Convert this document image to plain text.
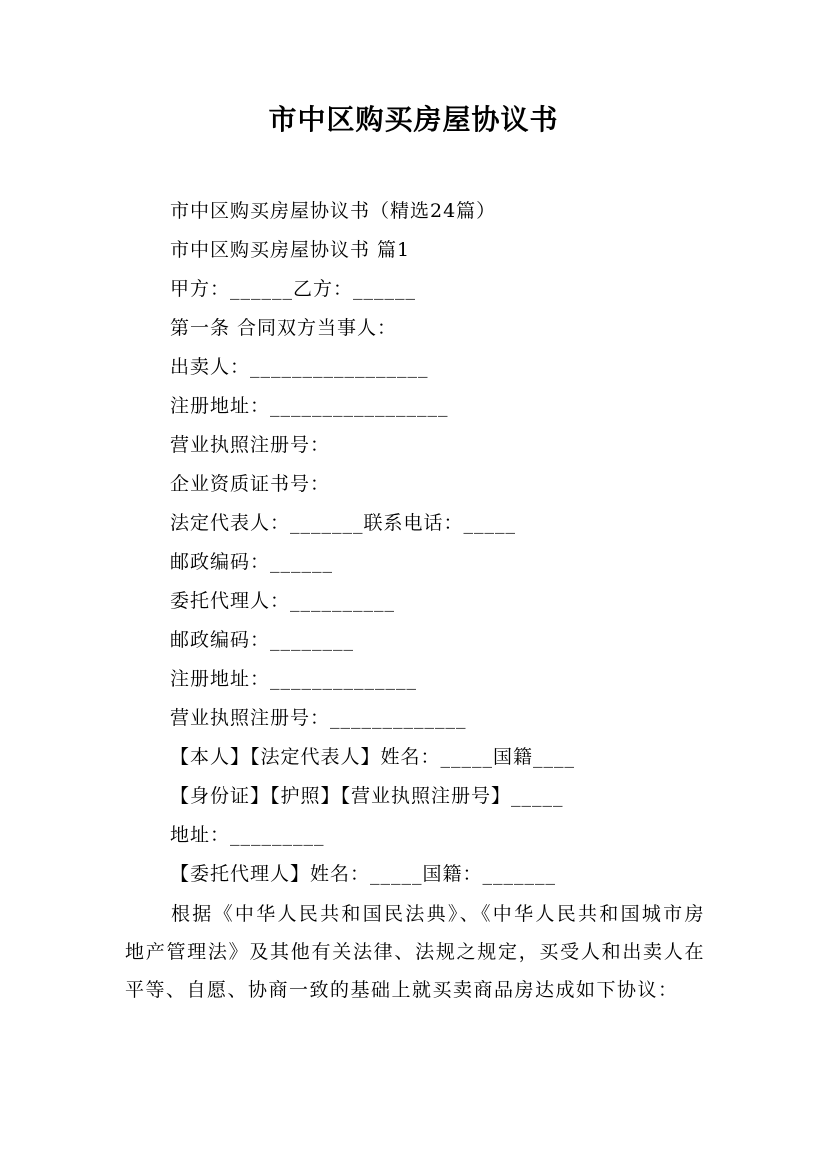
市中区购买房屋协议书
市中区购买房屋协议书（精选24篇）
市中区购买房屋协议书 篇1
甲方：______乙方：______
第一条 合同双方当事人：
出卖人：_________________
注册地址：_________________
营业执照注册号：
企业资质证书号：
法定代表人：_______联系电话：_____
邮政编码：______
委托代理人：__________
邮政编码：________
注册地址：______________
营业执照注册号：_____________
【本人】【法定代表人】姓名：_____国籍____
【身份证】【护照】【营业执照注册号】_____
地址：_________
【委托代理人】姓名：_____国籍：_______
根据《中华人民共和国民法典》、《中华人民共和国城市房地产管理法》及其他有关法律、法规之规定，买受人和出卖人在平等、自愿、协商一致的基础上就买卖商品房达成如下协议：
